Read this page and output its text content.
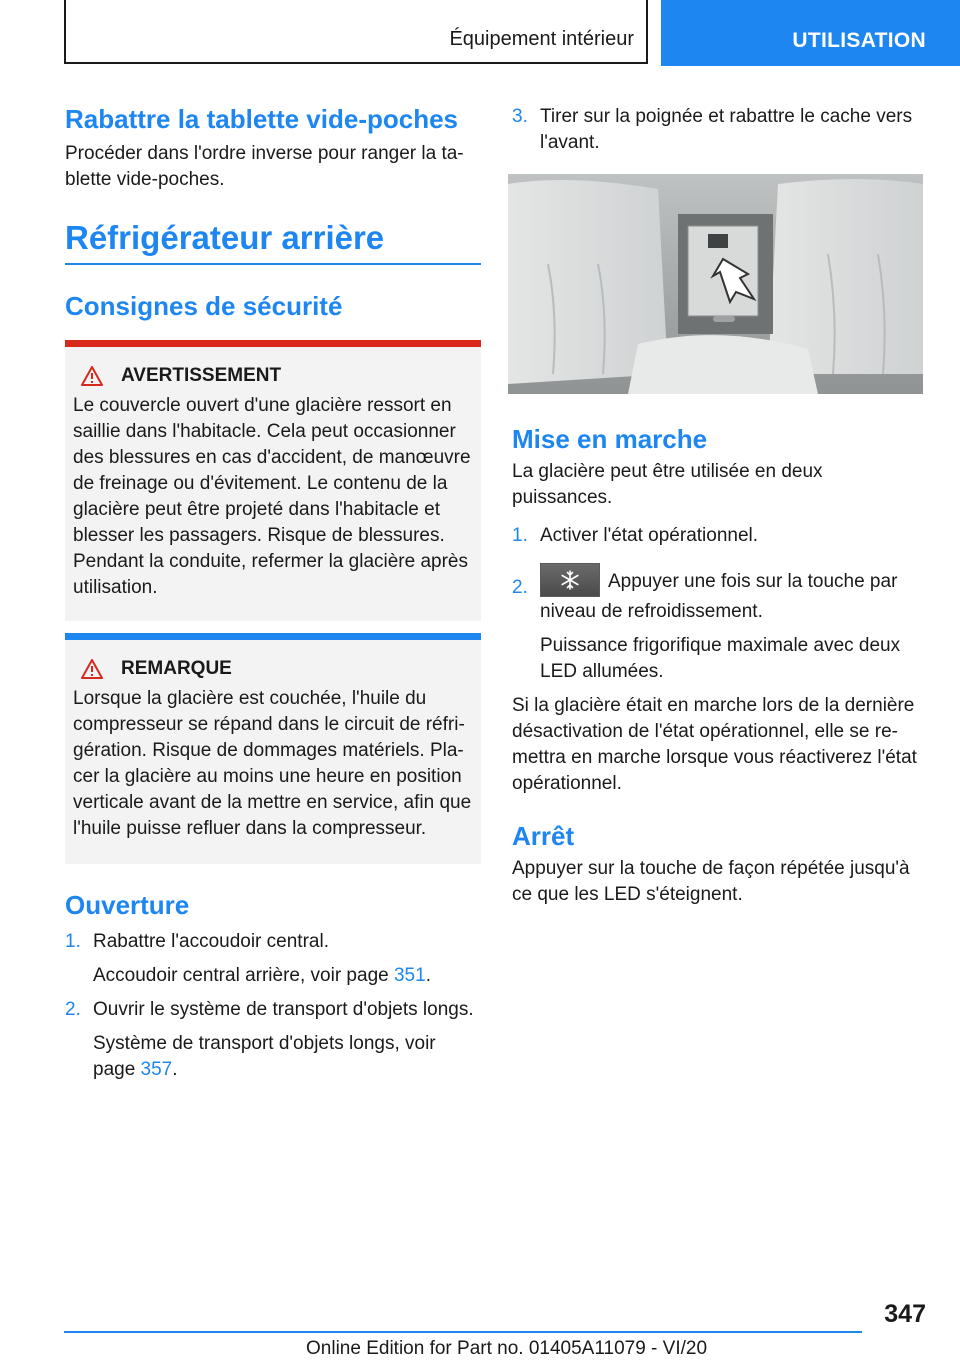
Équipement intérieur	UTILISATION
Rabattre la tablette vide-poches

Procéder dans l'ordre inverse pour ranger la ta-blette vide-poches.

Réfrigérateur arrière
Consignes de sécurité
AVERTISSEMENT

Le couvercle ouvert d'une glacière ressort en saillie dans l'habitacle. Cela peut occasionner des blessures en cas d'accident, de manœuvre de freinage ou d'évitement. Le contenu de la glacière peut être projeté dans l'habitacle et blesser les passagers. Risque de blessures. Pendant la conduite, refermer la glacière après utilisation.

REMARQUE

Lorsque la glacière est couchée, l'huile du compresseur se répand dans le circuit de réfri-gération. Risque de dommages matériels. Pla-cer la glacière au moins une heure en position verticale avant de la mettre en service, afin que l'huile puisse refluer dans la compresseur.

Ouverture
1. Rabattre l'accoudoir central.
Accoudoir central arrière, voir page 351.
2. Ouvrir le système de transport d'objets longs.
Système de transport d'objets longs, voir page 357.
3. Tirer sur la poignée et rabattre le cache vers l'avant.
Mise en marche

La glacière peut être utilisée en deux puissances.

1. Activer l'état opérationnel.
2.	Appuyer une fois sur la touche par niveau de refroidissement.
Puissance frigorifique maximale avec deux LED allumées.

Si la glacière était en marche lors de la dernière désactivation de l'état opérationnel, elle se re-mettra en marche lorsque vous réactiverez l'état opérationnel.

Arrêt

Appuyer sur la touche de façon répétée jusqu'à ce que les LED s'éteignent.

347
Online Edition for Part no. 01405A11079 - VI/20
